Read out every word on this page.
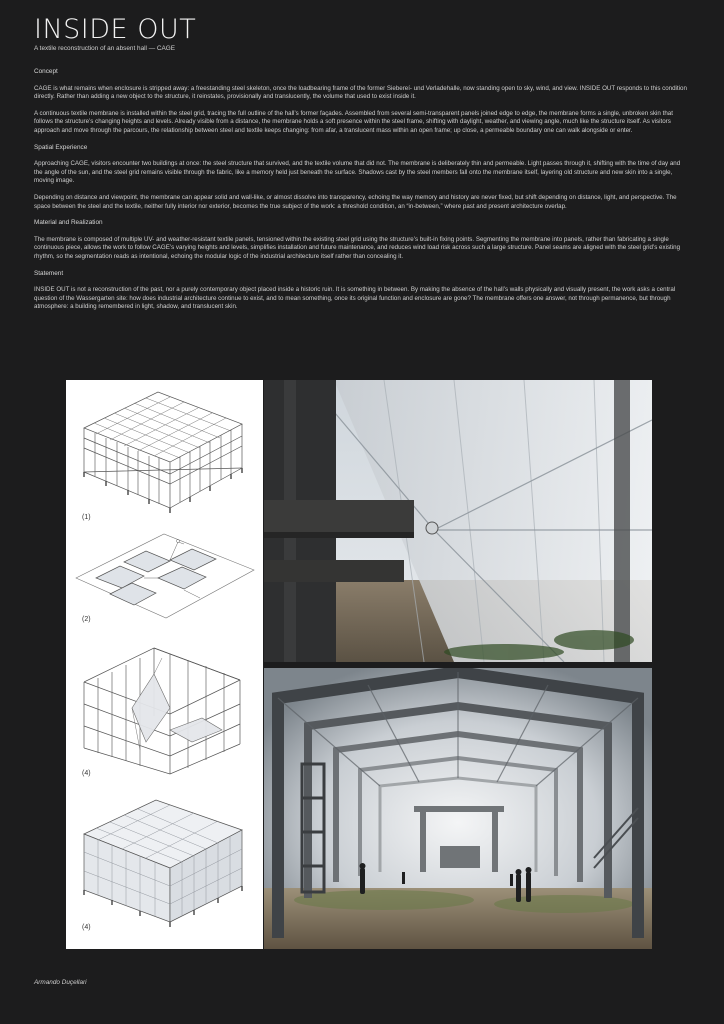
INSIDE OUT
A textile reconstruction of an absent hall — CAGE
Concept

CAGE is what remains when enclosure is stripped away: a freestanding steel skeleton, once the loadbearing frame of the former Siebereí- und Verladehalle, now standing open to sky, wind, and view. INSIDE OUT responds to this condition directly. Rather than adding a new object to the structure, it reinstates, provisionally and translucently, the volume that used to exist inside it.

A continuous textile membrane is installed within the steel grid, tracing the full outline of the hall’s former façades. Assembled from several semi-transparent panels joined edge to edge, the membrane forms a single, unbroken skin that follows the structure’s changing heights and levels. Already visible from a distance, the membrane holds a soft presence within the steel frame, shifting with daylight, weather, and viewing angle, much like the structure itself. As visitors approach and move through the parcours, the relationship between steel and textile keeps changing: from afar, a translucent mass within an open frame; up close, a permeable boundary one can walk alongside or enter.

Spatial Experience

Approaching CAGE, visitors encounter two buildings at once: the steel structure that survived, and the textile volume that did not. The membrane is deliberately thin and permeable. Light passes through it, shifting with the time of day and the angle of the sun, and the steel grid remains visible through the fabric, like a memory held just beneath the surface. Shadows cast by the steel members fall onto the membrane itself, layering old structure and new skin into a single, moving image.

Depending on distance and viewpoint, the membrane can appear solid and wall-like, or almost dissolve into transparency, echoing the way memory and history are never fixed, but shift depending on distance, light, and perspective. The space between the steel and the textile, neither fully interior nor exterior, becomes the true subject of the work: a threshold condition, an “in-between,” where past and present architecture overlap.

Material and Realization

The membrane is composed of multiple UV- and weather-resistant textile panels, tensioned within the existing steel grid using the structure’s built-in fixing points. Segmenting the membrane into panels, rather than fabricating a single continuous piece, allows the work to follow CAGE’s varying heights and levels, simplifies installation and future maintenance, and reduces wind load risk across such a large structure. Panel seams are aligned with the steel grid’s existing rhythm, so the segmentation reads as intentional, echoing the modular logic of the industrial architecture itself rather than concealing it.

Statement

INSIDE OUT is not a reconstruction of the past, nor a purely contemporary object placed inside a historic ruin. It is something in between. By making the absence of the hall’s walls physically and visually present, the work asks a central question of the Wassergarten site: how does industrial architecture continue to exist, and to mean something, once its original function and enclosure are gone? The membrane offers one answer, not through permanence, but through atmosphere: a building remembered in light, shadow, and translucent skin.

(1)
(2)
(4)
(4)
Armando Duçellari
